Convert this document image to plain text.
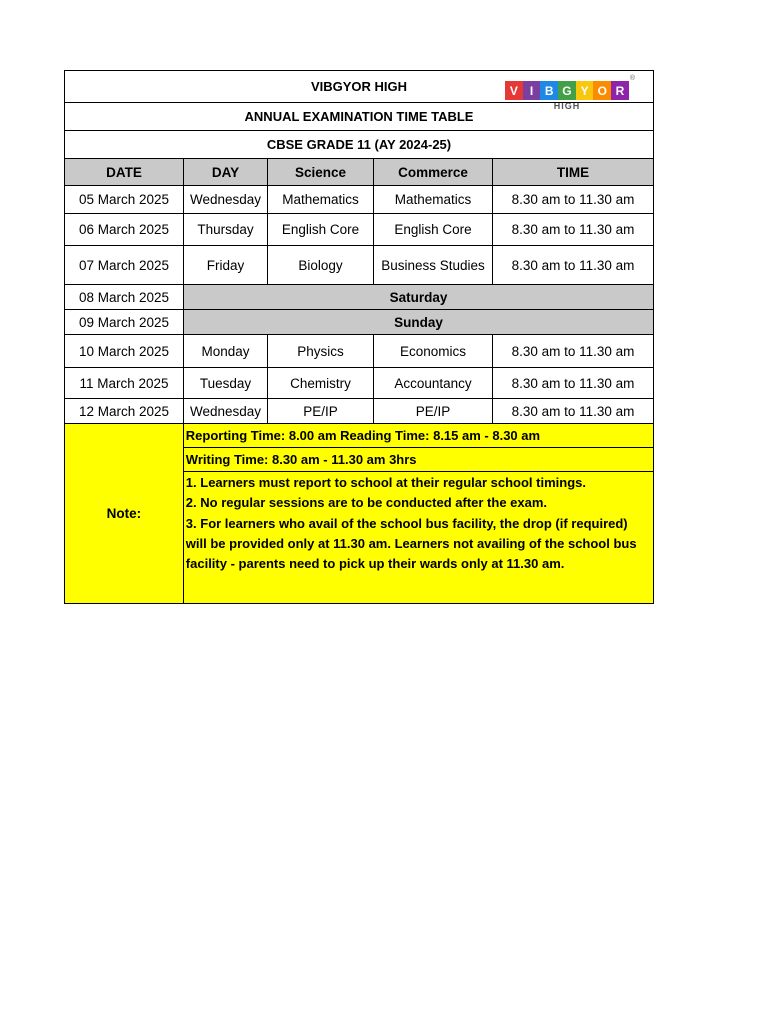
VIBGYOR HIGH	V	I B G Y O R
HIGH
®
ANNUAL EXAMINATION TIME TABLE
CBSE GRADE 11 (AY 2024-25)
DATE	DAY	Science	Commerce	TIME
05 March 2025	Wednesday	Mathematics	Mathematics	8.30 am to 11.30 am
06 March 2025	Thursday	English Core	English Core	8.30 am to 11.30 am
07 March 2025	Friday	Biology	Business Studies	8.30 am to 11.30 am
08 March 2025	Saturday
09 March 2025	Sunday
10 March 2025	Monday	Physics	Economics	8.30 am to 11.30 am
11 March 2025	Tuesday	Chemistry	Accountancy	8.30 am to 11.30 am
12 March 2025	Wednesday	PE/IP	PE/IP	8.30 am to 11.30 am
Note:
Reporting Time: 8.00 am Reading Time: 8.15 am - 8.30 am
Writing Time: 8.30 am - 11.30 am 3hrs
1. Learners must report to school at their regular school timings.
2. No regular sessions are to be conducted after the exam.
3. For learners who avail of the school bus facility, the drop (if required) will be provided only at 11.30 am. Learners not availing of the school bus facility - parents need to pick up their wards only at 11.30 am.
